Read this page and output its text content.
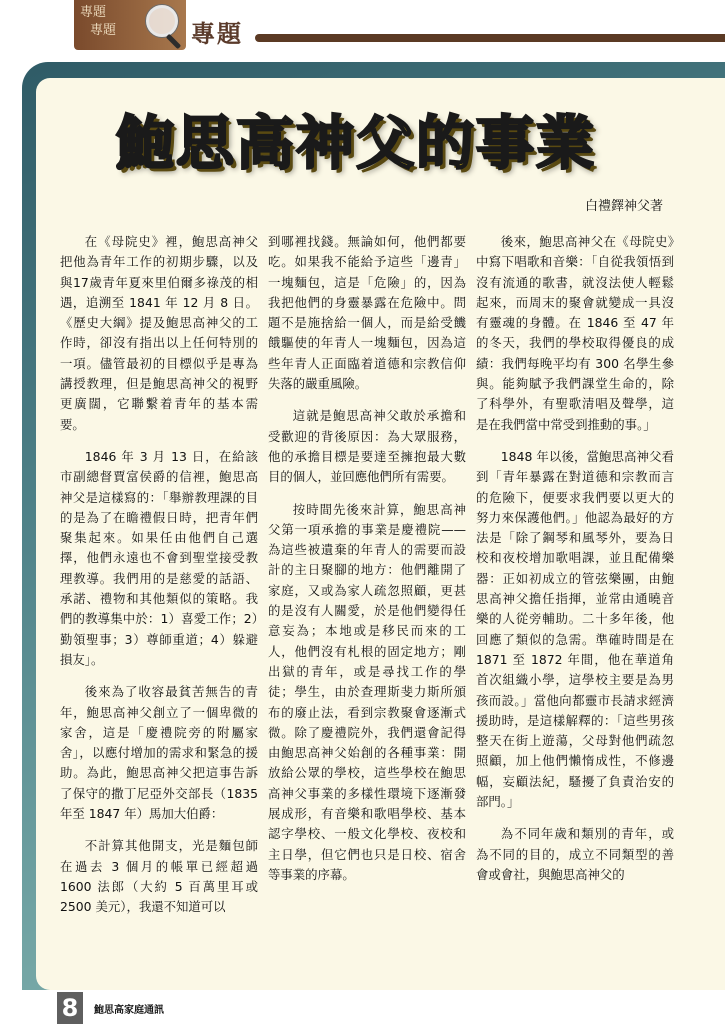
專題
專題	專題
鮑思高神父的事業
白禮鐸神父著

在《母院史》裡，鮑思高神父把他為青年工作的初期步驟，以及與17歲青年夏來里伯爾多祿茂的相遇，追溯至 1841 年 12 月 8 日。《歷史大綱》提及鮑思高神父的工作時，卻沒有指出以上任何特別的一項。儘管最初的目標似乎是專為講授教理，但是鮑思高神父的視野更廣闊，它聯繫着青年的基本需要。

1846 年 3 月 13 日，在給該市副總督賈富侯爵的信裡，鮑思高神父是這樣寫的：「舉辦教理課的目的是為了在瞻禮假日時，把青年們聚集起來。如果任由他們自己選擇，他們永遠也不會到聖堂接受教理教導。我們用的是慈愛的話語、承諾、禮物和其他類似的策略。我們的教導集中於：1）喜愛工作；2）勤領聖事；3）尊師重道；4）躲避損友」。

後來為了收容最貧苦無告的青年，鮑思高神父創立了一個卑微的家舍，這是「慶禮院旁的附屬家舍」，以應付增加的需求和緊急的援助。為此，鮑思高神父把這事告訴了保守的撒丁尼亞外交部長（1835 年至 1847 年）馬加大伯爵：

不計算其他開支，光是麵包師在過去 3 個月的帳單已經超過 1600 法郎（大約 5 百萬里耳或 2500 美元），我還不知道可以

到哪裡找錢。無論如何，他們都要吃。如果我不能給予這些「邊青」一塊麵包，這是「危險」的，因為我把他們的身靈暴露在危險中。問題不是施捨給一個人，而是給受饑餓驅使的年青人一塊麵包，因為這些年青人正面臨着道德和宗教信仰失落的嚴重風險。

這就是鮑思高神父敢於承擔和受歡迎的背後原因：為大眾服務，他的承擔目標是要達至擁抱最大數目的個人，並回應他們所有需要。

按時間先後來計算，鮑思高神父第一項承擔的事業是慶禮院——為這些被遺棄的年青人的需要而設計的主日聚腳的地方：他們離開了家庭，又或為家人疏忽照顧，更甚的是沒有人關愛，於是他們變得任意妄為；本地或是移民而來的工人，他們沒有札根的固定地方；剛出獄的青年，或是尋找工作的學徒；學生，由於查理斯斐力斯所頒布的廢止法，看到宗教聚會逐漸式微。除了慶禮院外，我們還會記得由鮑思高神父始創的各種事業：開放給公眾的學校，這些學校在鮑思高神父事業的多樣性環境下逐漸發展成形，有音樂和歌唱學校、基本認字學校、一般文化學校、夜校和主日學，但它們也只是日校、宿舍等事業的序幕。

後來，鮑思高神父在《母院史》中寫下唱歌和音樂：「自從我領悟到沒有流通的歌書，就沒法使人輕鬆起來，而周末的聚會就變成一具沒有靈魂的身體。在 1846 至 47 年的冬天，我們的學校取得優良的成績：我們每晚平均有 300 名學生參與。能夠賦予我們課堂生命的，除了科學外，有聖歌清唱及聲學，這是在我們當中常受到推動的事。」

1848 年以後，當鮑思高神父看到「青年暴露在對道德和宗教而言的危險下，便要求我們要以更大的努力來保護他們。」他認為最好的方法是「除了鋼琴和風琴外，要為日校和夜校增加歌唱課，並且配備樂器：正如初成立的管弦樂團，由鮑思高神父擔任指揮，並常由通曉音樂的人從旁輔助。二十多年後，他回應了類似的急需。準確時間是在 1871 至 1872 年間，他在華道角首次組織小學，這學校主要是為男孩而設。」當他向都靈市長請求經濟援助時，是這樣解釋的：「這些男孩整天在街上遊蕩，父母對他們疏忽照顧，加上他們懶惰成性，不修邊幅，妄顧法紀，騷擾了負責治安的部門。」

為不同年歲和類別的青年，或為不同的目的，成立不同類型的善會或會社，與鮑思高神父的

8	鮑思高家庭通訊
